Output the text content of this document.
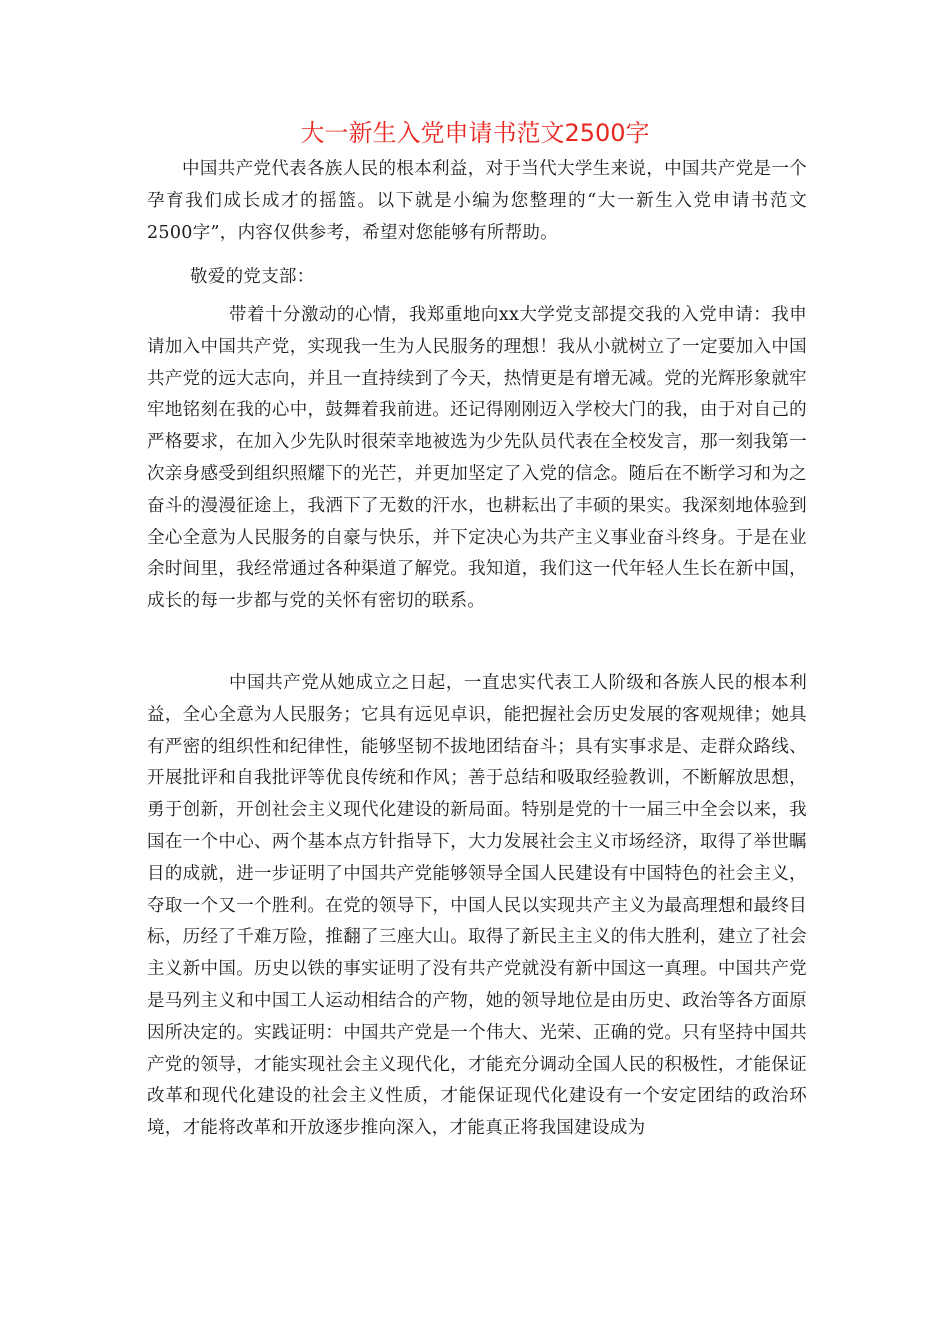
大一新生入党申请书范文2500字

中国共产党代表各族人民的根本利益，对于当代大学生来说，中国共产党是一个孕育我们成长成才的摇篮。以下就是小编为您整理的“大一新生入党申请书范文2500字”，内容仅供参考，希望对您能够有所帮助。

敬爱的党支部：

带着十分激动的心情，我郑重地向xx大学党支部提交我的入党申请：我申请加入中国共产党，实现我一生为人民服务的理想！我从小就树立了一定要加入中国共产党的远大志向，并且一直持续到了今天，热情更是有增无减。党的光辉形象就牢牢地铭刻在我的心中，鼓舞着我前进。还记得刚刚迈入学校大门的我，由于对自己的严格要求，在加入少先队时很荣幸地被选为少先队员代表在全校发言，那一刻我第一次亲身感受到组织照耀下的光芒，并更加坚定了入党的信念。随后在不断学习和为之奋斗的漫漫征途上，我洒下了无数的汗水，也耕耘出了丰硕的果实。我深刻地体验到全心全意为人民服务的自豪与快乐，并下定决心为共产主义事业奋斗终身。于是在业余时间里，我经常通过各种渠道了解党。我知道，我们这一代年轻人生长在新中国，成长的每一步都与党的关怀有密切的联系。

中国共产党从她成立之日起，一直忠实代表工人阶级和各族人民的根本利益，全心全意为人民服务；它具有远见卓识，能把握社会历史发展的客观规律；她具有严密的组织性和纪律性，能够坚韧不拔地团结奋斗；具有实事求是、走群众路线、开展批评和自我批评等优良传统和作风；善于总结和吸取经验教训，不断解放思想，勇于创新，开创社会主义现代化建设的新局面。特别是党的十一届三中全会以来，我国在一个中心、两个基本点方针指导下，大力发展社会主义市场经济，取得了举世瞩目的成就，进一步证明了中国共产党能够领导全国人民建设有中国特色的社会主义，夺取一个又一个胜利。在党的领导下，中国人民以实现共产主义为最高理想和最终目标，历经了千难万险，推翻了三座大山。取得了新民主主义的伟大胜利，建立了社会主义新中国。历史以铁的事实证明了没有共产党就没有新中国这一真理。中国共产党是马列主义和中国工人运动相结合的产物，她的领导地位是由历史、政治等各方面原因所决定的。实践证明：中国共产党是一个伟大、光荣、正确的党。只有坚持中国共产党的领导，才能实现社会主义现代化，才能充分调动全国人民的积极性，才能保证改革和现代化建设的社会主义性质，才能保证现代化建设有一个安定团结的政治环境，才能将改革和开放逐步推向深入，才能真正将我国建设成为
